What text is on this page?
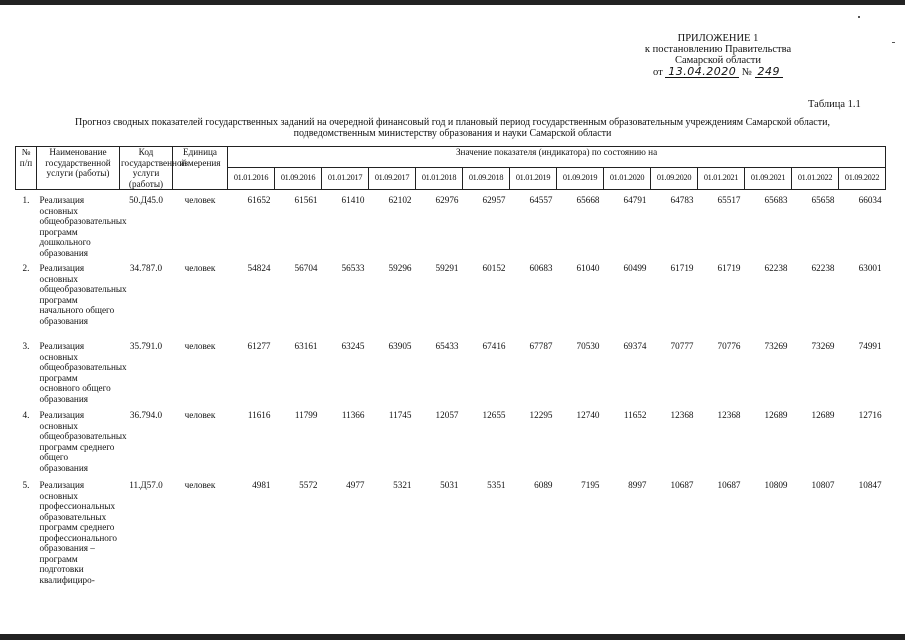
ПРИЛОЖЕНИЕ 1
к постановлению Правительства
Самарской области
от 13.04.2020 № 249
Таблица 1.1
Прогноз сводных показателей государственных заданий на очередной финансовый год и плановый период государственным образовательным учреждениям Самарской области,
подведомственным министерству образования и науки Самарской области
№ п/п	Наименование государственной услуги (работы)	Код государственной услуги (работы)	Единица измерения	Значение показателя (индикатора) по состоянию на													
				01.01.2016	01.09.2016	01.01.2017	01.09.2017	01.01.2018	01.09.2018	01.01.2019	01.09.2019	01.01.2020	01.09.2020	01.01.2021	01.09.2021	01.01.2022	01.09.2022
1.	Реализация основных общеобразовательных программ дошкольного образования	50.Д45.0	человек	61652	61561	61410	62102	62976	62957	64557	65668	64791	64783	65517	65683	65658	66034
2.	Реализация основных общеобразовательных программ начального общего образования	34.787.0	человек	54824	56704	56533	59296	59291	60152	60683	61040	60499	61719	61719	62238	62238	63001
3.	Реализация основных общеобразовательных программ основного общего образования	35.791.0	человек	61277	63161	63245	63905	65433	67416	67787	70530	69374	70777	70776	73269	73269	74991
4.	Реализация основных общеобразовательных программ среднего общего образования	36.794.0	человек	11616	11799	11366	11745	12057	12655	12295	12740	11652	12368	12368	12689	12689	12716
5.	Реализация основных профессиональных образовательных программ среднего профессионального образования – программ подготовки квалифициро-	11.Д57.0	человек	4981	5572	4977	5321	5031	5351	6089	7195	8997	10687	10687	10809	10807	10847
